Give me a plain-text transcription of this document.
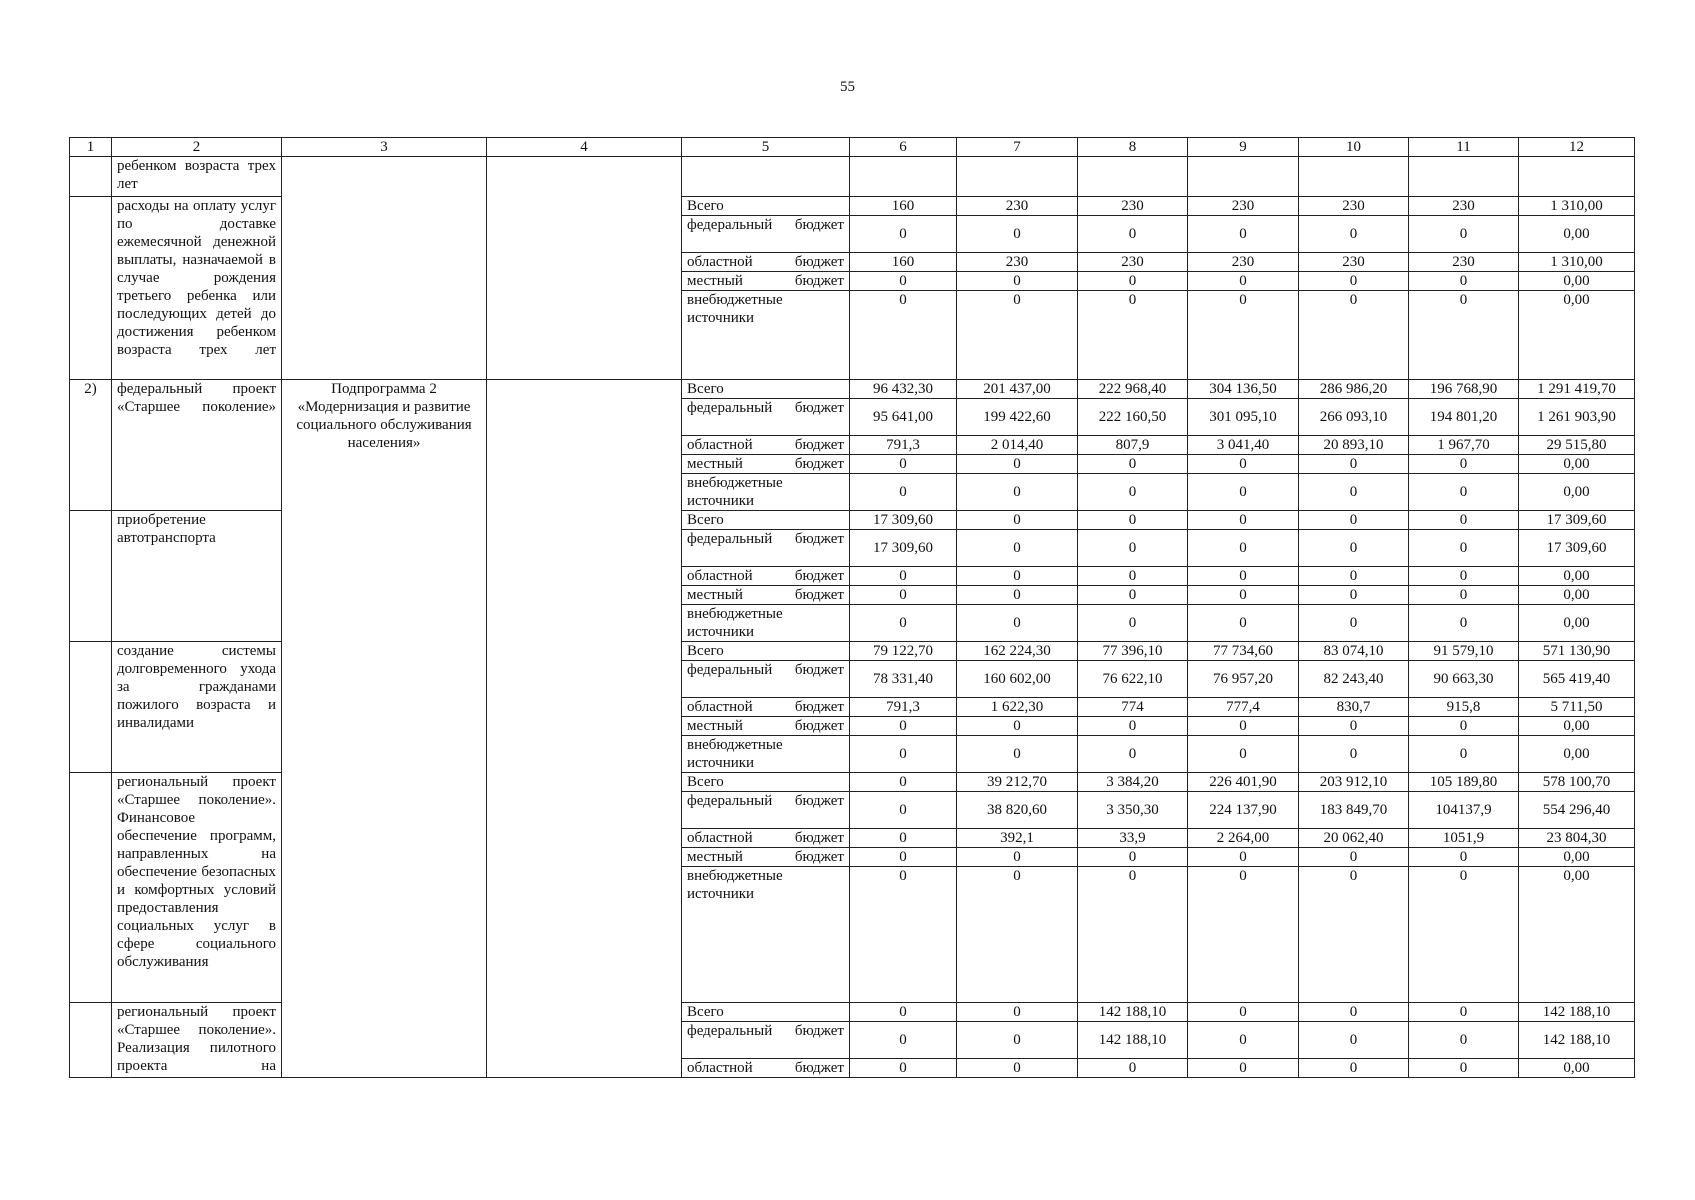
55
1	2	3	4	5	6	7	8	9	10	11	12
	ребенком возраста трех лет										
	расходы на оплату услуг по доставке ежемесячной денежной выплаты, назначаемой в случае рождения третьего ребенка или последующих детей до достижения ребенком возраста трех лет			Всего	160	230	230	230	230	230	1 310,00
				федеральный бюджет	0	0	0	0	0	0	0,00
				областной бюджет	160	230	230	230	230	230	1 310,00
				местный бюджет	0	0	0	0	0	0	0,00
				внебюджетные источники	0	0	0	0	0	0	0,00
2)	федеральный проект «Старшее поколение»	Подпрограмма 2 «Модернизация и развитие социального обслуживания населения»		Всего	96 432,30	201 437,00	222 968,40	304 136,50	286 986,20	196 768,90	1 291 419,70
				федеральный бюджет	95 641,00	199 422,60	222 160,50	301 095,10	266 093,10	194 801,20	1 261 903,90
				областной бюджет	791,3	2 014,40	807,9	3 041,40	20 893,10	1 967,70	29 515,80
				местный бюджет	0	0	0	0	0	0	0,00
				внебюджетные источники	0	0	0	0	0	0	0,00
	приобретение автотранспорта			Всего	17 309,60	0	0	0	0	0	17 309,60
				федеральный бюджет	17 309,60	0	0	0	0	0	17 309,60
				областной бюджет	0	0	0	0	0	0	0,00
				местный бюджет	0	0	0	0	0	0	0,00
				внебюджетные источники	0	0	0	0	0	0	0,00
	создание системы долговременного ухода за гражданами пожилого возраста и инвалидами			Всего	79 122,70	162 224,30	77 396,10	77 734,60	83 074,10	91 579,10	571 130,90
				федеральный бюджет	78 331,40	160 602,00	76 622,10	76 957,20	82 243,40	90 663,30	565 419,40
				областной бюджет	791,3	1 622,30	774	777,4	830,7	915,8	5 711,50
				местный бюджет	0	0	0	0	0	0	0,00
				внебюджетные источники	0	0	0	0	0	0	0,00
	региональный проект «Старшее поколение». Финансовое обеспечение программ, направленных на обеспечение безопасных и комфортных условий предоставления социальных услуг в сфере социального обслуживания			Всего	0	39 212,70	3 384,20	226 401,90	203 912,10	105 189,80	578 100,70
				федеральный бюджет	0	38 820,60	3 350,30	224 137,90	183 849,70	104137,9	554 296,40
				областной бюджет	0	392,1	33,9	2 264,00	20 062,40	1051,9	23 804,30
				местный бюджет	0	0	0	0	0	0	0,00
				внебюджетные источники	0	0	0	0	0	0	0,00
	региональный проект «Старшее поколение». Реализация пилотного проекта на			Всего	0	0	142 188,10	0	0	0	142 188,10
				федеральный бюджет	0	0	142 188,10	0	0	0	142 188,10
				областной бюджет	0	0	0	0	0	0	0,00
